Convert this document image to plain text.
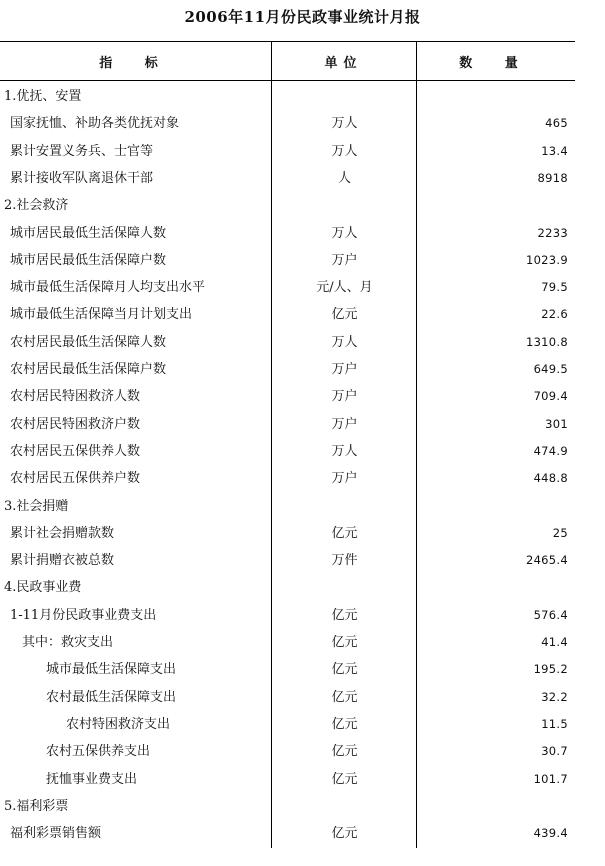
2006年11月份民政事业统计月报
指 标	单位	数 量
1.优抚、安置
国家抚恤、补助各类优抚对象	万人	465
累计安置义务兵、士官等	万人	13.4
累计接收军队离退休干部	人	8918
2.社会救济
城市居民最低生活保障人数	万人	2233
城市居民最低生活保障户数	万户	1023.9
城市最低生活保障月人均支出水平	元/人、月	79.5
城市最低生活保障当月计划支出	亿元	22.6
农村居民最低生活保障人数	万人	1310.8
农村居民最低生活保障户数	万户	649.5
农村居民特困救济人数	万户	709.4
农村居民特困救济户数	万户	301
农村居民五保供养人数	万人	474.9
农村居民五保供养户数	万户	448.8
3.社会捐赠
累计社会捐赠款数	亿元	25
累计捐赠衣被总数	万件	2465.4
4.民政事业费
1-11月份民政事业费支出	亿元	576.4
其中：救灾支出	亿元	41.4
城市最低生活保障支出	亿元	195.2
农村最低生活保障支出	亿元	32.2
农村特困救济支出	亿元	11.5
农村五保供养支出	亿元	30.7
抚恤事业费支出	亿元	101.7
5.福利彩票
福利彩票销售额	亿元	439.4
